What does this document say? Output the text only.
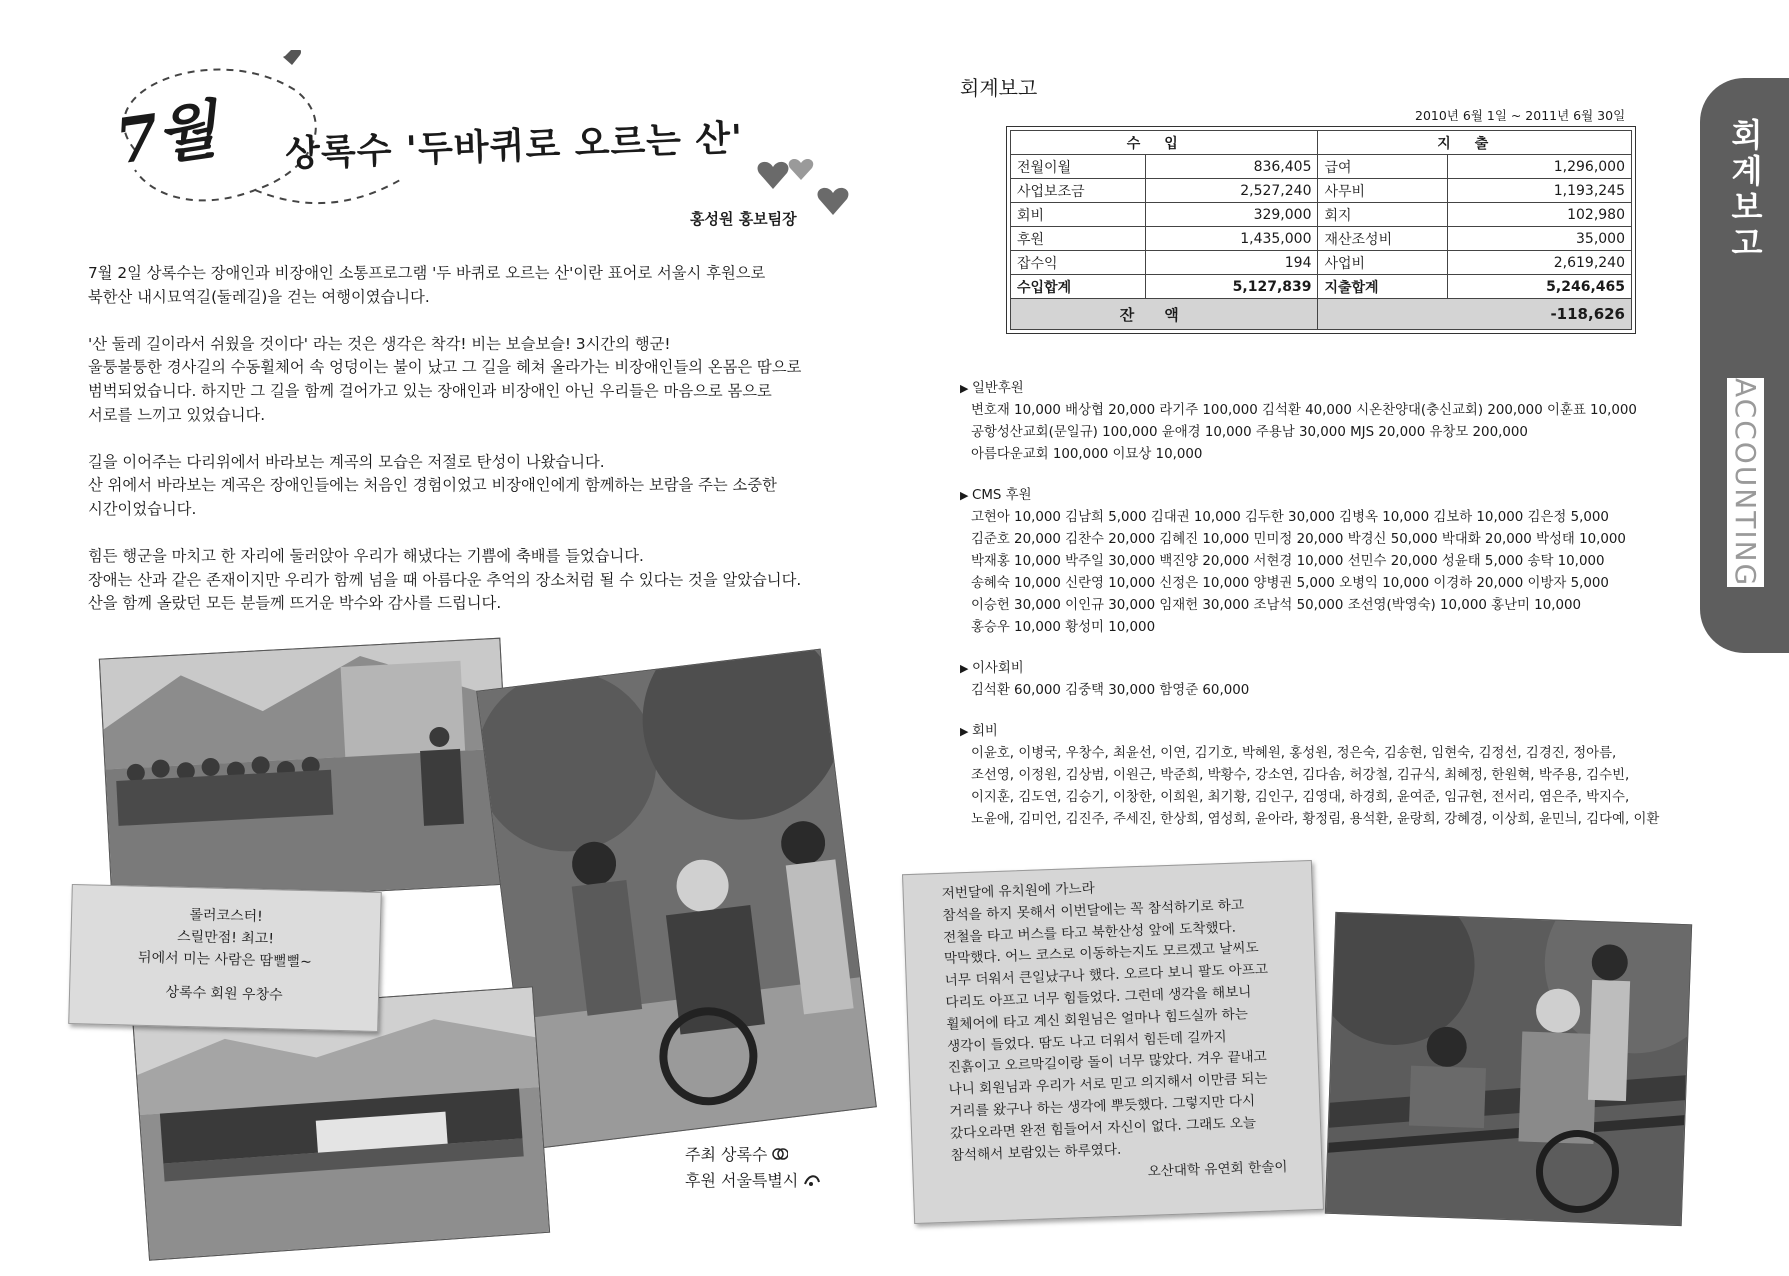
7월 상록수 '두바퀴로 오르는 산'
홍성원 홍보팀장

7월 2일 상록수는 장애인과 비장애인 소통프로그램 '두 바퀴로 오르는 산'이란 표어로 서울시 후원으로
북한산 내시묘역길(둘레길)을 걷는 여행이였습니다.

'산 둘레 길이라서 쉬웠을 것이다' 라는 것은 생각은 착각! 비는 보슬보슬! 3시간의 행군!
울퉁불퉁한 경사길의 수동휠체어 속 엉덩이는 불이 났고 그 길을 헤쳐 올라가는 비장애인들의 온몸은 땀으로
범벅되었습니다. 하지만 그 길을 함께 걸어가고 있는 장애인과 비장애인 아닌 우리들은 마음으로 몸으로
서로를 느끼고 있었습니다.

길을 이어주는 다리위에서 바라보는 계곡의 모습은 저절로 탄성이 나왔습니다.
산 위에서 바라보는 계곡은 장애인들에는 처음인 경험이었고 비장애인에게 함께하는 보람을 주는 소중한
시간이었습니다.

힘든 행군을 마치고 한 자리에 둘러앉아 우리가 해냈다는 기쁨에 축배를 들었습니다.
장애는 산과 같은 존재이지만 우리가 함께 넘을 때 아름다운 추억의 장소처럼 될 수 있다는 것을 알았습니다.
산을 함께 올랐던 모든 분들께 뜨거운 박수와 감사를 드립니다.

롤러코스터!
스릴만점! 최고!
뒤에서 미는 사람은 땀뻘뻘~
상록수 회원 우창수
주최 상록수
후원 서울특별시
회계보고
2010년 6월 1일 ~ 2011년 6월 30일
수입		지출	
전월이월	836,405	급여	1,296,000
사업보조금	2,527,240	사무비	1,193,245
회비	329,000	회지	102,980
후원	1,435,000	재산조성비	35,000
잡수익	194	사업비	2,619,240
수입합계	5,127,839	지출합계	5,246,465
잔액		-118,626	
▶ 일반후원
변호재 10,000 배상협 20,000 라기주 100,000 김석환 40,000 시온찬양대(충신교회) 200,000 이훈표 10,000
공항성산교회(문일규) 100,000 윤애경 10,000 주용남 30,000 MJS 20,000 유창모 200,000
아름다운교회 100,000 이묘상 10,000
▶ CMS 후원
고현아 10,000 김남희 5,000 김대권 10,000 김두한 30,000 김병옥 10,000 김보하 10,000 김은정 5,000
김준호 20,000 김찬수 20,000 김혜진 10,000 민미정 20,000 박경신 50,000 박대화 20,000 박성태 10,000
박재홍 10,000 박주일 30,000 백진양 20,000 서현경 10,000 선민수 20,000 성윤태 5,000 송탁 10,000
송혜숙 10,000 신란영 10,000 신정은 10,000 양병권 5,000 오병익 10,000 이경하 20,000 이방자 5,000
이승헌 30,000 이인규 30,000 임재헌 30,000 조남석 50,000 조선영(박영숙) 10,000 홍난미 10,000
홍승우 10,000 황성미 10,000
▶ 이사회비
김석환 60,000 김중택 30,000 함영준 60,000
▶ 회비
이윤호, 이병국, 우창수, 최윤선, 이연, 김기호, 박혜원, 홍성원, 정은숙, 김송현, 임현숙, 김정선, 김경진, 정아름,
조선영, 이정원, 김상범, 이원근, 박준희, 박황수, 강소연, 김다솜, 허강철, 김규식, 최혜정, 한원혁, 박주용, 김수빈,
이지훈, 김도연, 김승기, 이창한, 이희원, 최기황, 김인구, 김영대, 하경희, 윤여준, 임규현, 전서리, 염은주, 박지수,
노윤애, 김미언, 김진주, 주세진, 한상희, 염성희, 윤아라, 황정림, 용석환, 윤랑희, 강혜경, 이상희, 윤민늬, 김다예, 이환
회계보고
ACCOUNTING
저번달에 유치원에 가느라
참석을 하지 못해서 이번달에는 꼭 참석하기로 하고
전철을 타고 버스를 타고 북한산성 앞에 도착했다.
막막했다. 어느 코스로 이동하는지도 모르겠고 날씨도
너무 더워서 큰일났구나 했다. 오르다 보니 팔도 아프고
다리도 아프고 너무 힘들었다. 그런데 생각을 해보니
휠체어에 타고 계신 회원님은 얼마나 힘드실까 하는
생각이 들었다. 땀도 나고 더워서 힘든데 길까지
진흙이고 오르막길이랑 돌이 너무 많았다. 겨우 끝내고
나니 회원님과 우리가 서로 믿고 의지해서 이만큼 되는
거리를 왔구나 하는 생각에 뿌듯했다. 그렇지만 다시
갔다오라면 완전 힘들어서 자신이 없다. 그래도 오늘
참석해서 보람있는 하루였다.
오산대학 유연회 한솔이
